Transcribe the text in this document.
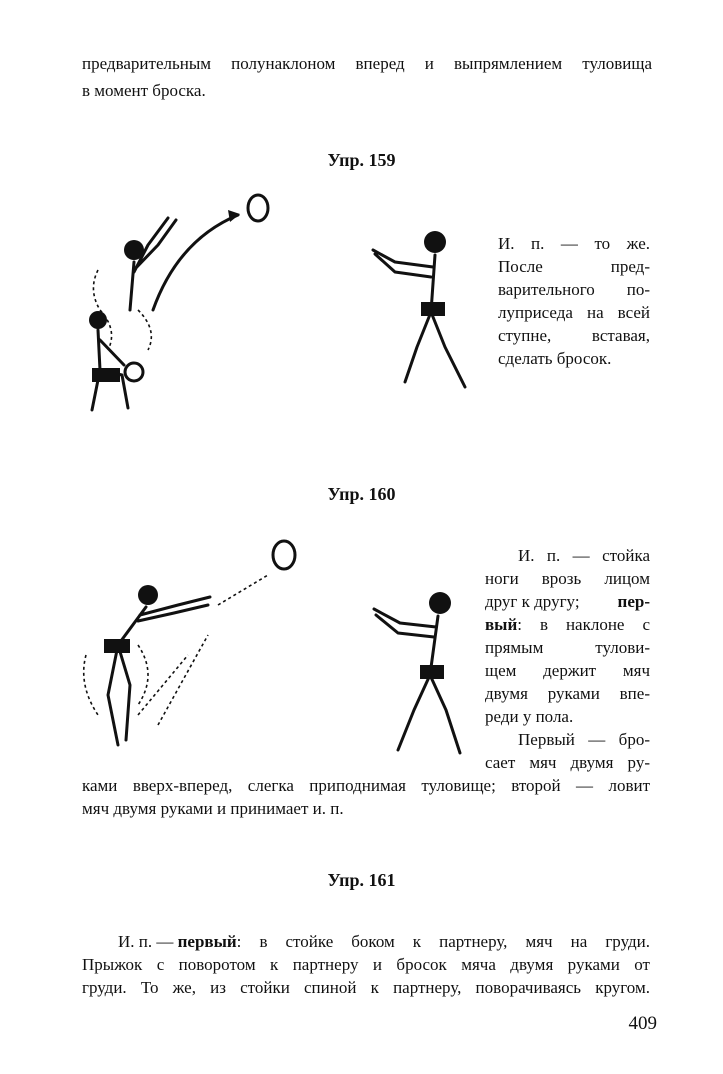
предварительным полунаклоном вперед и выпрямлением туловища
в момент броска.
Упр. 159
И. п. — то же.
После пред-
варительного по-
луприседа на всей
ступне, вставая,
сделать бросок.
Упр. 160
И. п. — стойка
ноги врозь лицом
друг к другу; пер-
вый : в наклоне с
прямым тулови-
щем держит мяч
двумя руками впе-
реди у пола.
Первый — бро-
сает мяч двумя ру-
ками вверх-вперед, слегка приподнимая туловище; второй — ловит
мяч двумя руками и принимает и. п.
Упр. 161
И. п. — первый : в стойке боком к партнеру, мяч на груди.
Прыжок с поворотом к партнеру и бросок мяча двумя руками от
груди. То же, из стойки спиной к партнеру, поворачиваясь кругом.
409
